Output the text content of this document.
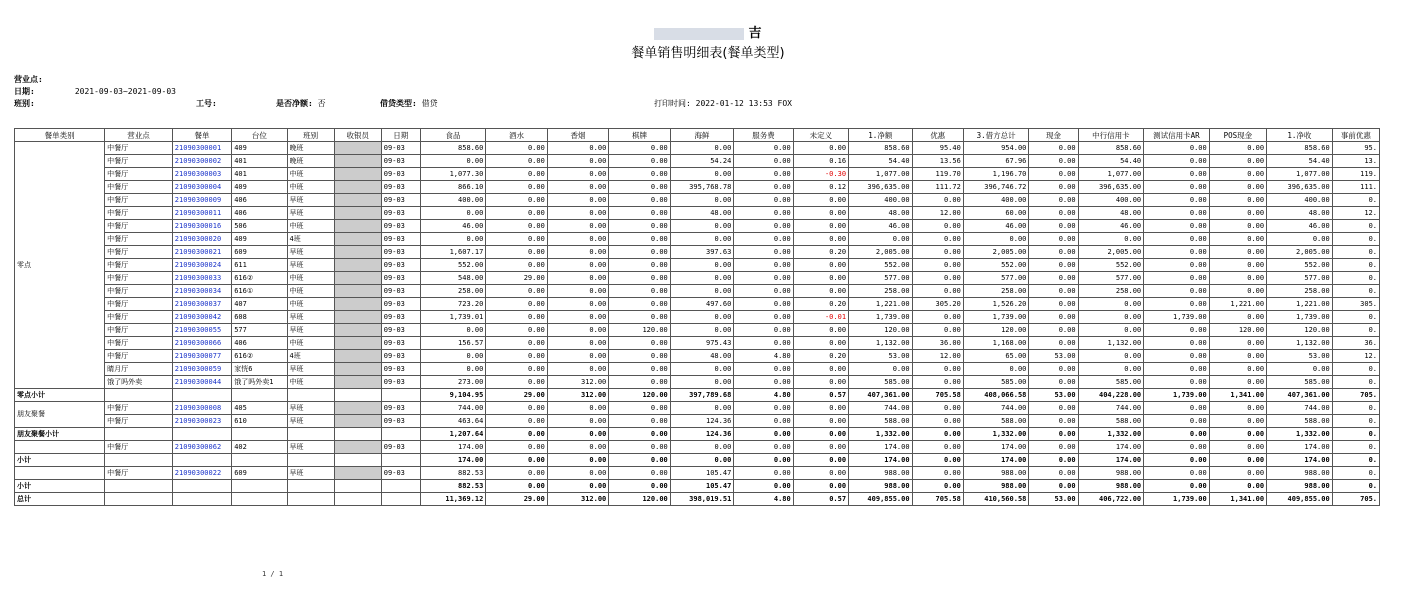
吉
餐单销售明细表(餐单类型)
营业点:
日期:	2021-09-03~2021-09-03
班别:	工号:	是否净额: 否	借贷类型: 借贷	打印时间: 2022-01-12 13:53 FOX
餐单类别	营业点	餐单	台位	班别	收银员	日期	食品	酒水	香烟	棋牌	海鲜	服务费	未定义	1.净额	优惠	3.借方总计	现金	中行信用卡	测试信用卡AR	POS现金	1.净收	事前优惠
零点	中餐厅	21090300001	409	晚班		09-03	858.60	0.00	0.00	0.00	0.00	0.00	0.00	858.60	95.40	954.00	0.00	858.60	0.00	0.00	858.60	95.
	中餐厅	21090300002	401	晚班		09-03	0.00	0.00	0.00	0.00	54.24	0.00	0.16	54.40	13.56	67.96	0.00	54.40	0.00	0.00	54.40	13.
	中餐厅	21090300003	401	中班		09-03	1,077.30	0.00	0.00	0.00	0.00	0.00	-0.30	1,077.00	119.70	1,196.70	0.00	1,077.00	0.00	0.00	1,077.00	119.
	中餐厅	21090300004	409	中班		09-03	866.10	0.00	0.00	0.00	395,768.78	0.00	0.12	396,635.00	111.72	396,746.72	0.00	396,635.00	0.00	0.00	396,635.00	111.
	中餐厅	21090300009	406	早班		09-03	400.00	0.00	0.00	0.00	0.00	0.00	0.00	400.00	0.00	400.00	0.00	400.00	0.00	0.00	400.00	0.
	中餐厅	21090300011	406	早班		09-03	0.00	0.00	0.00	0.00	48.00	0.00	0.00	48.00	12.00	60.00	0.00	48.00	0.00	0.00	48.00	12.
	中餐厅	21090300016	506	中班		09-03	46.00	0.00	0.00	0.00	0.00	0.00	0.00	46.00	0.00	46.00	0.00	46.00	0.00	0.00	46.00	0.
	中餐厅	21090300020	409	4班		09-03	0.00	0.00	0.00	0.00	0.00	0.00	0.00	0.00	0.00	0.00	0.00	0.00	0.00	0.00	0.00	0.
	中餐厅	21090300021	609	早班		09-03	1,607.17	0.00	0.00	0.00	397.63	0.00	0.20	2,005.00	0.00	2,005.00	0.00	2,005.00	0.00	0.00	2,005.00	0.
	中餐厅	21090300024	611	早班		09-03	552.00	0.00	0.00	0.00	0.00	0.00	0.00	552.00	0.00	552.00	0.00	552.00	0.00	0.00	552.00	0.
	中餐厅	21090300033	616②	中班		09-03	548.00	29.00	0.00	0.00	0.00	0.00	0.00	577.00	0.00	577.00	0.00	577.00	0.00	0.00	577.00	0.
	中餐厅	21090300034	616①	中班		09-03	258.00	0.00	0.00	0.00	0.00	0.00	0.00	258.00	0.00	258.00	0.00	258.00	0.00	0.00	258.00	0.
	中餐厅	21090300037	407	中班		09-03	723.20	0.00	0.00	0.00	497.60	0.00	0.20	1,221.00	305.20	1,526.20	0.00	0.00	0.00	1,221.00	1,221.00	305.
	中餐厅	21090300042	608	早班		09-03	1,739.01	0.00	0.00	0.00	0.00	0.00	-0.01	1,739.00	0.00	1,739.00	0.00	0.00	1,739.00	0.00	1,739.00	0.
	中餐厅	21090300055	577	早班		09-03	0.00	0.00	0.00	120.00	0.00	0.00	0.00	120.00	0.00	120.00	0.00	0.00	0.00	120.00	120.00	0.
	中餐厅	21090300066	406	中班		09-03	156.57	0.00	0.00	0.00	975.43	0.00	0.00	1,132.00	36.00	1,168.00	0.00	1,132.00	0.00	0.00	1,132.00	36.
	中餐厅	21090300077	616②	4班		09-03	0.00	0.00	0.00	0.00	48.00	4.80	0.20	53.00	12.00	65.00	53.00	0.00	0.00	0.00	53.00	12.
	睛月厅	21090300059	家恍6	早班		09-03	0.00	0.00	0.00	0.00	0.00	0.00	0.00	0.00	0.00	0.00	0.00	0.00	0.00	0.00	0.00	0.
	饿了吗外卖	21090300044	饿了吗外卖1	中班		09-03	273.00	0.00	312.00	0.00	0.00	0.00	0.00	585.00	0.00	585.00	0.00	585.00	0.00	0.00	585.00	0.
零点小计							9,104.95	29.00	312.00	120.00	397,789.68	4.80	0.57	407,361.00	705.58	408,066.58	53.00	404,228.00	1,739.00	1,341.00	407,361.00	705.
朋友聚餐	中餐厅	21090300008	405	早班		09-03	744.00	0.00	0.00	0.00	0.00	0.00	0.00	744.00	0.00	744.00	0.00	744.00	0.00	0.00	744.00	0.
	中餐厅	21090300023	610	早班		09-03	463.64	0.00	0.00	0.00	124.36	0.00	0.00	588.00	0.00	588.00	0.00	588.00	0.00	0.00	588.00	0.
朋友聚餐小计							1,207.64	0.00	0.00	0.00	124.36	0.00	0.00	1,332.00	0.00	1,332.00	0.00	1,332.00	0.00	0.00	1,332.00	0.
	中餐厅	21090300062	402	早班		09-03	174.00	0.00	0.00	0.00	0.00	0.00	0.00	174.00	0.00	174.00	0.00	174.00	0.00	0.00	174.00	0.
小计							174.00	0.00	0.00	0.00	0.00	0.00	0.00	174.00	0.00	174.00	0.00	174.00	0.00	0.00	174.00	0.
	中餐厅	21090300022	609	早班		09-03	882.53	0.00	0.00	0.00	105.47	0.00	0.00	988.00	0.00	988.00	0.00	988.00	0.00	0.00	988.00	0.
小计							882.53	0.00	0.00	0.00	105.47	0.00	0.00	988.00	0.00	988.00	0.00	988.00	0.00	0.00	988.00	0.
总计							11,369.12	29.00	312.00	120.00	398,019.51	4.80	0.57	409,855.00	705.58	410,560.58	53.00	406,722.00	1,739.00	1,341.00	409,855.00	705.
1 / 1
